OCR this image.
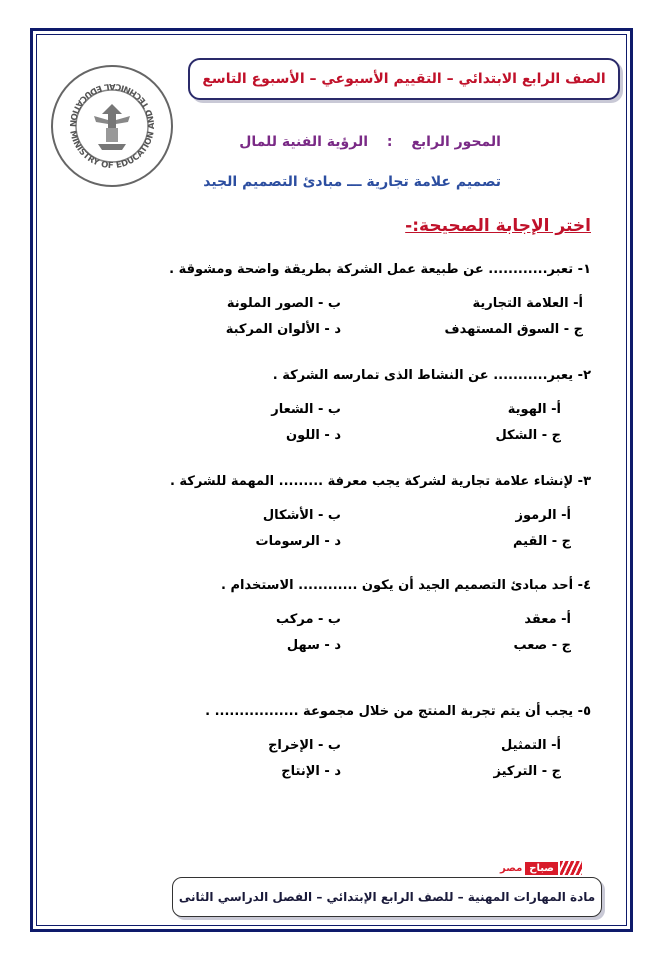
الصف الرابع الابتدائي – التقييم الأسبوعي – الأسبوع التاسع
MINISTRY OF EDUCATION AND TECHNICAL EDUCATION
المحور الرابع : الرؤية الفنية للمال
تصميم علامة تجارية ـــ مبادئ التصميم الجيد
اختر الإجابة الصحيحة:-
١- تعبر............ عن طبيعة عمل الشركة بطريقة واضحة ومشوقة .
أ- العلامة التجارية
ب - الصور الملونة
ج - السوق المستهدف
د - الألوان المركبة
٢- يعبر........... عن النشاط الذى تمارسه الشركة .
أ- الهوية
ب - الشعار
ج - الشكل
د - اللون
٣- لإنشاء علامة تجارية لشركة يجب معرفة ......... المهمة للشركة .
أ- الرموز
ب - الأشكال
ج - القيم
د - الرسومات
٤- أحد مبادئ التصميم الجيد أن يكون ............ الاستخدام .
أ- معقد
ب - مركب
ج - صعب
د - سهل
٥- يجب أن يتم تجربة المنتج من خلال مجموعة ................. .
أ- التمثيل
ب - الإخراج
ج - التركيز
د - الإنتاج
مصر صباح
مادة المهارات المهنية – للصف الرابع الإبتدائي – الفصل الدراسي الثانى
